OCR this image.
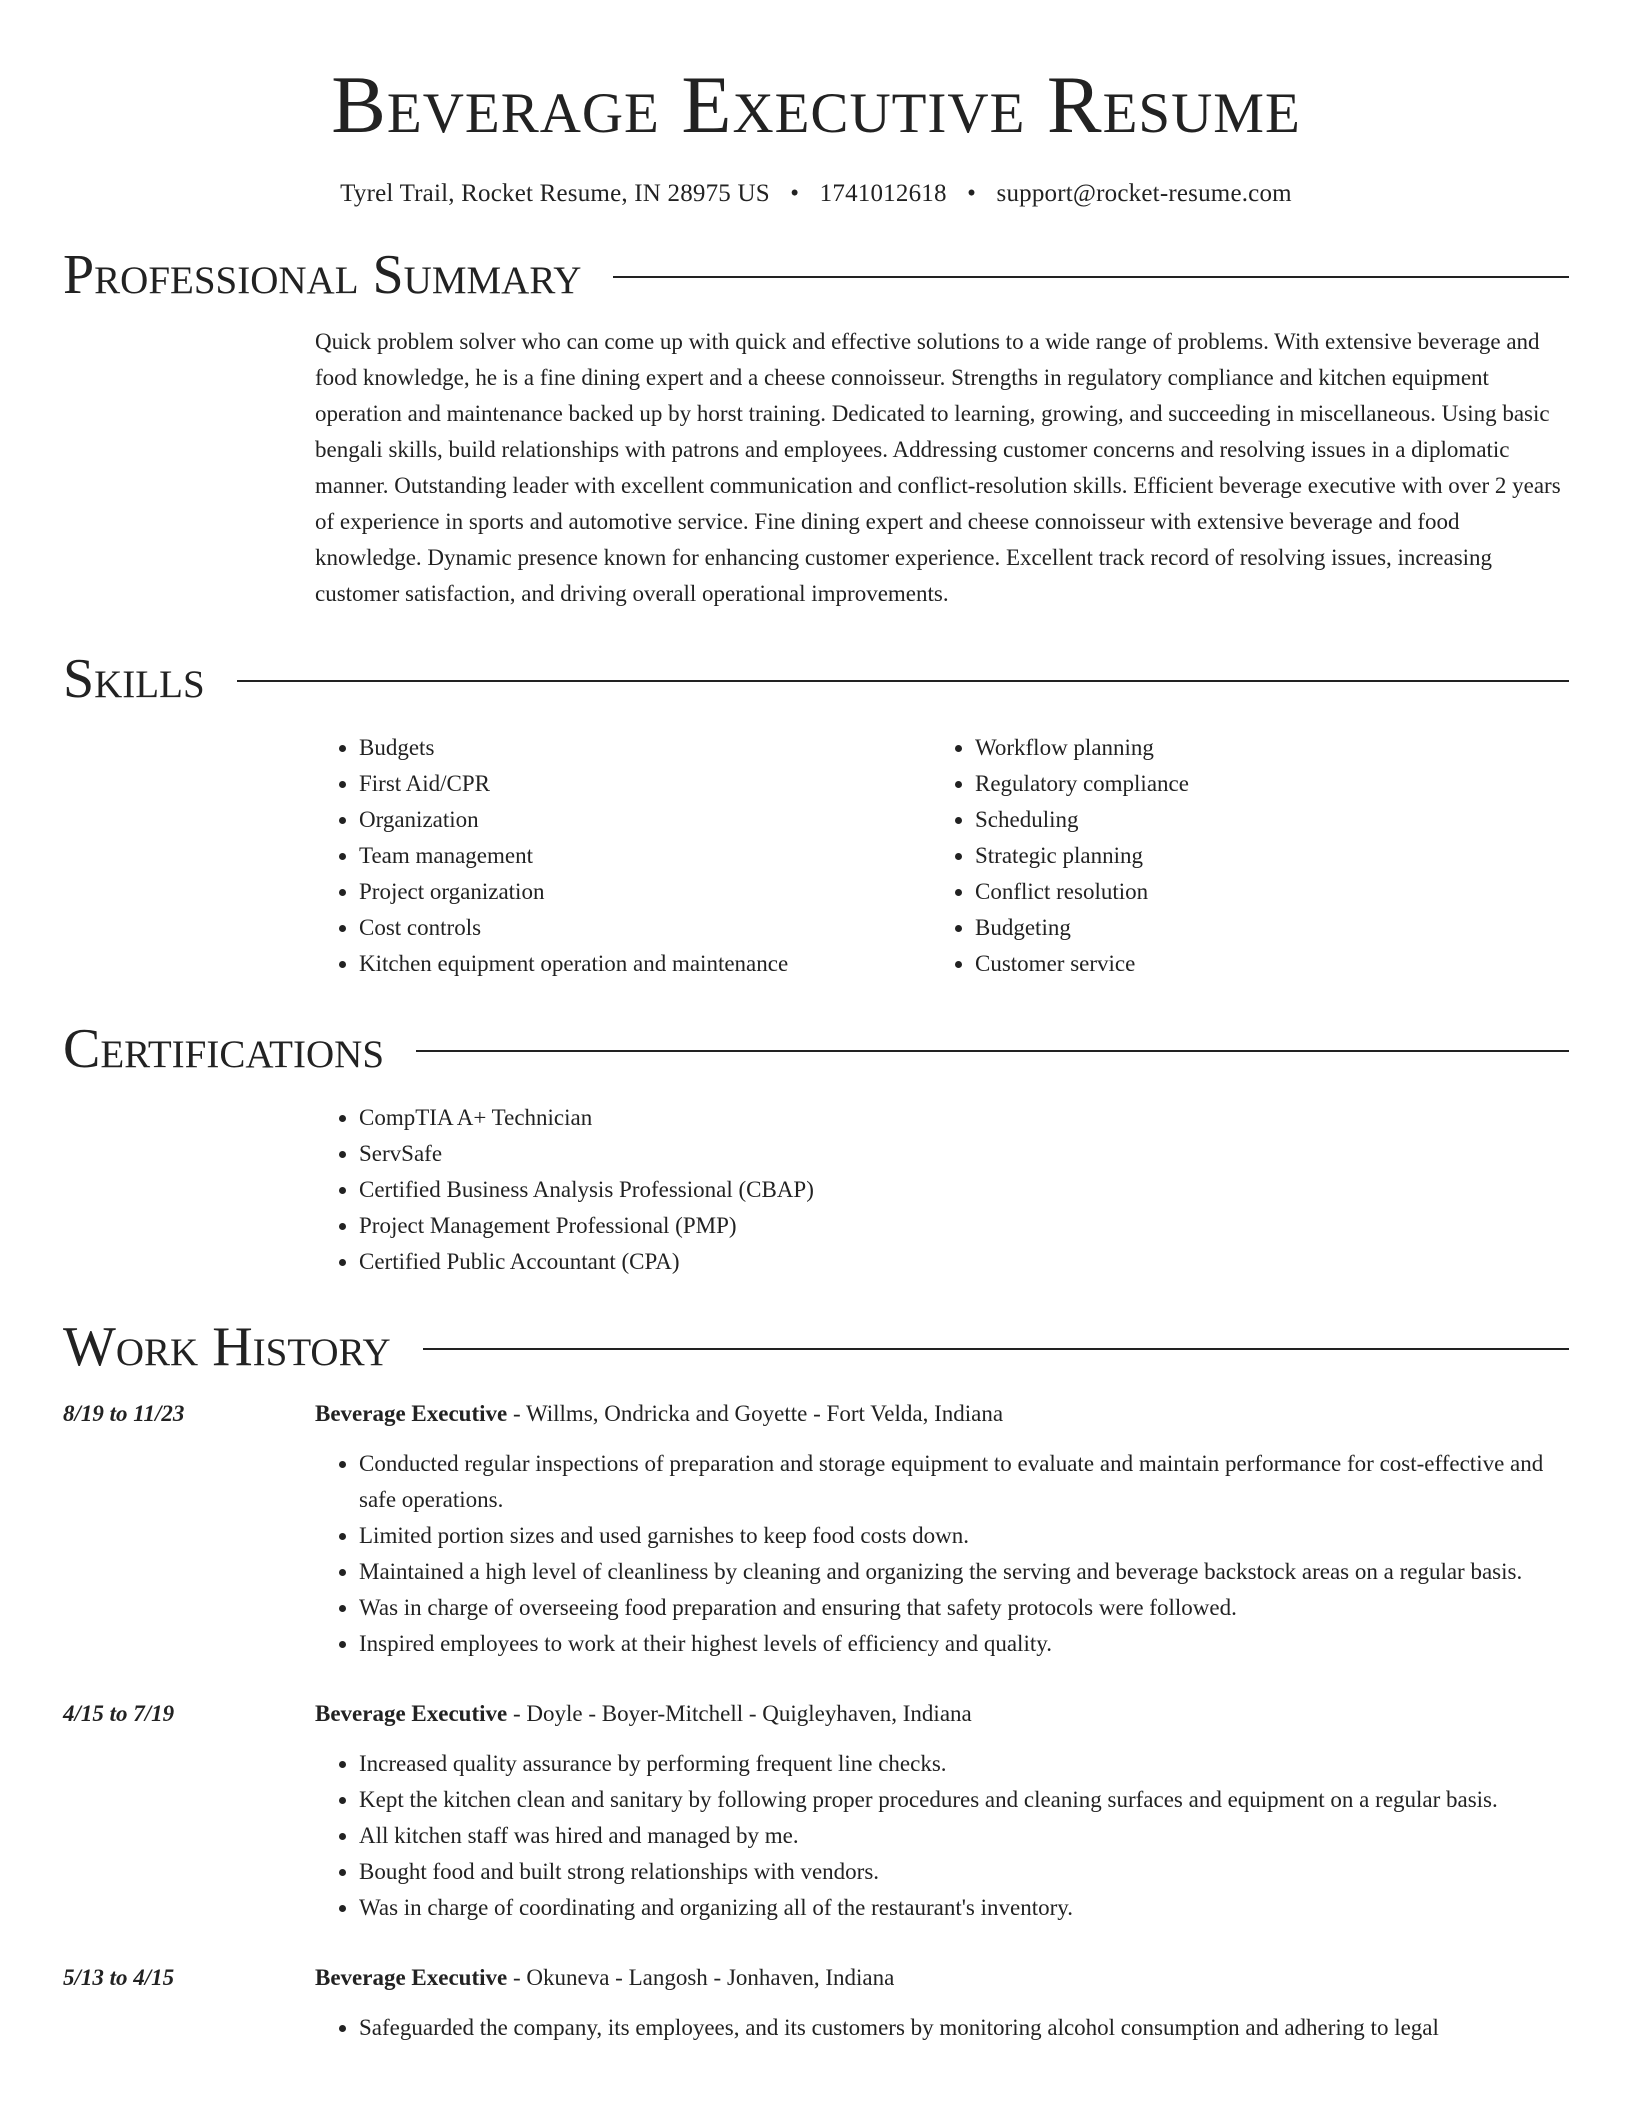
Beverage Executive Resume
Tyrel Trail, Rocket Resume, IN 28975 US • 1741012618 • support@rocket-resume.com
Professional Summary

Quick problem solver who can come up with quick and effective solutions to a wide range of problems. With extensive beverage and food knowledge, he is a fine dining expert and a cheese connoisseur. Strengths in regulatory compliance and kitchen equipment operation and maintenance backed up by horst training. Dedicated to learning, growing, and succeeding in miscellaneous. Using basic bengali skills, build relationships with patrons and employees. Addressing customer concerns and resolving issues in a diplomatic manner. Outstanding leader with excellent communication and conflict-resolution skills. Efficient beverage executive with over 2 years of experience in sports and automotive service. Fine dining expert and cheese connoisseur with extensive beverage and food knowledge. Dynamic presence known for enhancing customer experience. Excellent track record of resolving issues, increasing customer satisfaction, and driving overall operational improvements.

Skills
• Budgets
• First Aid/CPR
• Organization
• Team management
• Project organization
• Cost controls
• Kitchen equipment operation and maintenance
• Workflow planning
• Regulatory compliance
• Scheduling
• Strategic planning
• Conflict resolution
• Budgeting
• Customer service
Certifications
• CompTIA A+ Technician
• ServSafe
• Certified Business Analysis Professional (CBAP)
• Project Management Professional (PMP)
• Certified Public Accountant (CPA)
Work History
8/19 to 11/23	Beverage Executive - Willms, Ondricka and Goyette - Fort Velda, Indiana
• Conducted regular inspections of preparation and storage equipment to evaluate and maintain performance for cost-effective and safe operations.
• Limited portion sizes and used garnishes to keep food costs down.
• Maintained a high level of cleanliness by cleaning and organizing the serving and beverage backstock areas on a regular basis.
• Was in charge of overseeing food preparation and ensuring that safety protocols were followed.
• Inspired employees to work at their highest levels of efficiency and quality.
4/15 to 7/19	Beverage Executive - Doyle - Boyer-Mitchell - Quigleyhaven, Indiana
• Increased quality assurance by performing frequent line checks.
• Kept the kitchen clean and sanitary by following proper procedures and cleaning surfaces and equipment on a regular basis.
• All kitchen staff was hired and managed by me.
• Bought food and built strong relationships with vendors.
• Was in charge of coordinating and organizing all of the restaurant's inventory.
5/13 to 4/15	Beverage Executive - Okuneva - Langosh - Jonhaven, Indiana
• Safeguarded the company, its employees, and its customers by monitoring alcohol consumption and adhering to legal
